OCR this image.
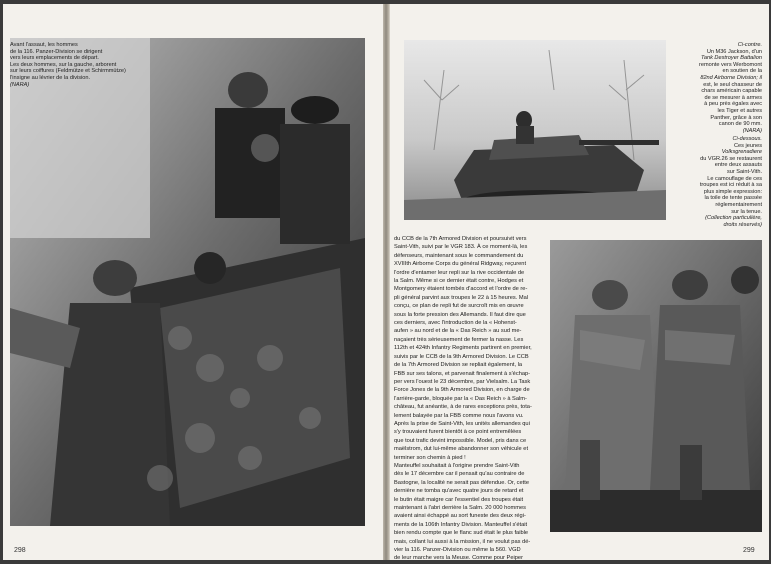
Avant l'assaut, les hommes
de la 116. Panzer-Division se dirigent
vers leurs emplacements de départ.
Les deux hommes, sur la gauche, arborent
sur leurs coiffures (Feldmütze et Schirmmütze)
l'insigne au lévrier de la division.
(NARA)
298
Ci-contre.
Un M36 Jackson, d'un
Tank Destroyer Battalion
remonte vers Werbomont
en soutien de la
82nd Airborne Division; il
est, le seul chasseur de
chars américain capable
de se mesurer à armes
à peu près égales avec
les Tiger et autres
Panther, grâce à son
canon de 90 mm.
(NARA)
Ci-dessous.
Ces jeunes
Volksgrenadiere
du VGR.26 se restaurent
entre deux assauts
sur Saint-Vith.
Le camouflage de ces
troupes est ici réduit à sa
plus simple expression:
la toile de tente passée
réglementairement
sur la tenue.
(Collection particulière,
droits réservés)
du CCB de la 7th Armored Division et poursuivit vers
Saint-Vith, suivi par le VGR 183. À ce moment-là, les
défenseurs, maintenant sous le commandement du
XVIIIth Airborne Corps du général Ridgway, reçurent
l'ordre d'entamer leur repli sur la rive occidentale de
la Salm. Même si ce dernier était contre, Hodges et
Montgomery étaient tombés d'accord et l'ordre de re-
pli général parvint aux troupes le 22 à 15 heures. Mal
conçu, ce plan de repli fut de surcroît mis en œuvre
sous la forte pression des Allemands. Il faut dire que
ces derniers, avec l'introduction de la « Hohenst-
aufen » au nord et de la « Das Reich » au sud me-
naçaient très sérieusement de fermer la nasse. Les
112th et 424th Infantry Regiments partirent en premier,
suivis par le CCB de la 9th Armored Division. Le CCB
de la 7th Armored Division se repliait également, la
FBB sur ses talons, et parvenait finalement à s'échap-
per vers l'ouest le 23 décembre, par Vielsalm. La Task
Force Jones de la 9th Armored Division, en charge de
l'arrière-garde, bloquée par la « Das Reich » à Salm-
château, fut anéantie, à de rares exceptions près, tota-
lement balayée par la FBB comme nous l'avons vu.
Après la prise de Saint-Vith, les unités allemandes qui
s'y trouvaient furent bientôt à ce point entremêlées
que tout trafic devint impossible. Model, pris dans ce
maëlstrom, dut lui-même abandonner son véhicule et
terminer son chemin à pied !
Manteuffel souhaitait à l'origine prendre Saint-Vith
dès le 17 décembre car il pensait qu'au contraire de
Bastogne, la localité ne serait pas défendue. Or, cette
dernière ne tomba qu'avec quatre jours de retard et
le butin était maigre car l'essentiel des troupes était
maintenant à l'abri derrière la Salm. 20 000 hommes
avaient ainsi échappé au sort funeste des deux régi-
ments de la 106th Infantry Division. Manteuffel s'était
bien rendu compte que le flanc sud était le plus faible
mais, collant lui aussi à la mission, il ne voulut pas dé-
vier la 116. Panzer-Division ou même la 560. VGD
de leur marche vers la Meuse. Comme pour Peiper
299
